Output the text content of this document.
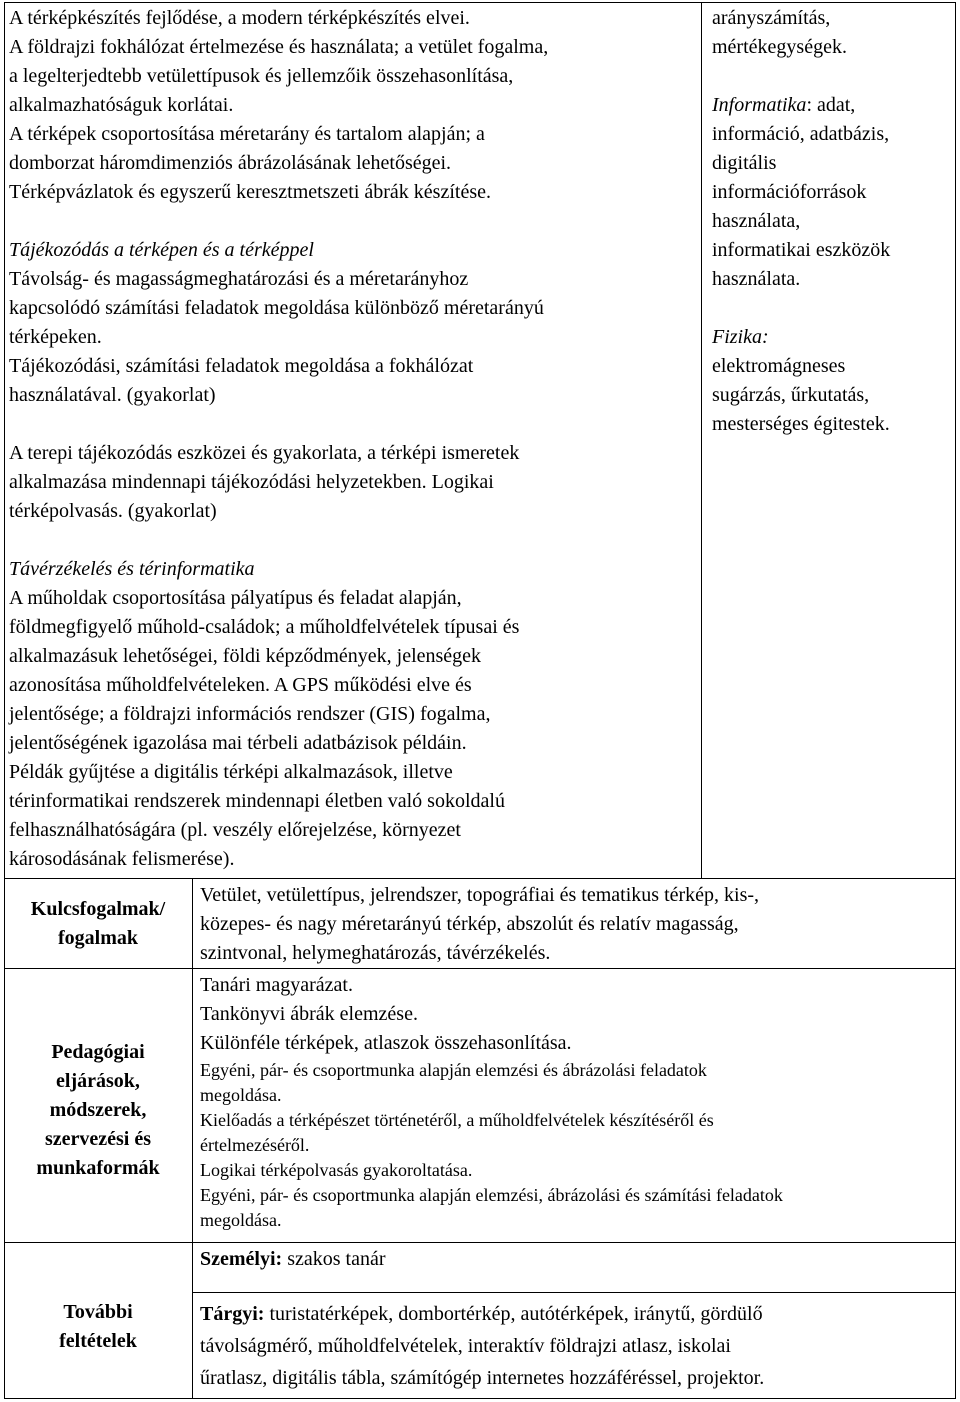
A térképkészítés fejlődése, a modern térképkészítés elvei.
A földrajzi fokhálózat értelmezése és használata; a vetület fogalma,
a legelterjedtebb vetülettípusok és jellemzőik összehasonlítása,
alkalmazhatóságuk korlátai.
A térképek csoportosítása méretarány és tartalom alapján; a
domborzat háromdimenziós ábrázolásának lehetőségei.
Térképvázlatok és egyszerű keresztmetszeti ábrák készítése.

Tájékozódás a térképen és a térképpel
Távolság- és magasságmeghatározási és a méretarányhoz
kapcsolódó számítási feladatok megoldása különböző méretarányú
térképeken.
Tájékozódási, számítási feladatok megoldása a fokhálózat
használatával. (gyakorlat)

A terepi tájékozódás eszközei és gyakorlata, a térképi ismeretek
alkalmazása mindennapi tájékozódási helyzetekben. Logikai
térképolvasás. (gyakorlat)

Távérzékelés és térinformatika
A műholdak csoportosítása pályatípus és feladat alapján,
földmegfigyelő műhold-családok; a műholdfelvételek típusai és
alkalmazásuk lehetőségei, földi képződmények, jelenségek
azonosítása műholdfelvételeken. A GPS működési elve és
jelentősége; a földrajzi információs rendszer (GIS) fogalma,
jelentőségének igazolása mai térbeli adatbázisok példáin.
Példák gyűjtése a digitális térképi alkalmazások, illetve
térinformatikai rendszerek mindennapi életben való sokoldalú
felhasználhatóságára (pl. veszély előrejelzése, környezet
károsodásának felismerése).

arányszámítás,
mértékegységek.

Informatika: adat,
információ, adatbázis,
digitális
információforrások
használata,
informatikai eszközök
használata.

Fizika:
elektromágneses
sugárzás, űrkutatás,
mesterséges égitestek.

Kulcsfogalmak/
fogalmak

Vetület, vetülettípus, jelrendszer, topográfiai és tematikus térkép, kis-,
közepes- és nagy méretarányú térkép, abszolút és relatív magasság,
szintvonal, helymeghatározás, távérzékelés.

Pedagógiai
eljárások,
módszerek,
szervezési és
munkaformák

Tanári magyarázat.
Tankönyvi ábrák elemzése.
Különféle térképek, atlaszok összehasonlítása.

Egyéni, pár- és csoportmunka alapján elemzési és ábrázolási feladatok
megoldása.
Kielőadás a térképészet történetéről, a műholdfelvételek készítéséről és
értelmezéséről.
Logikai térképolvasás gyakoroltatása.
Egyéni, pár- és csoportmunka alapján elemzési, ábrázolási és számítási feladatok
megoldása.

További
feltételek

Személyi: szakos tanár

Tárgyi: turistatérképek, dombortérkép, autótérképek, iránytű, gördülő
távolságmérő, műholdfelvételek, interaktív földrajzi atlasz, iskolai
űratlasz, digitális tábla, számítógép internetes hozzáféréssel, projektor.
